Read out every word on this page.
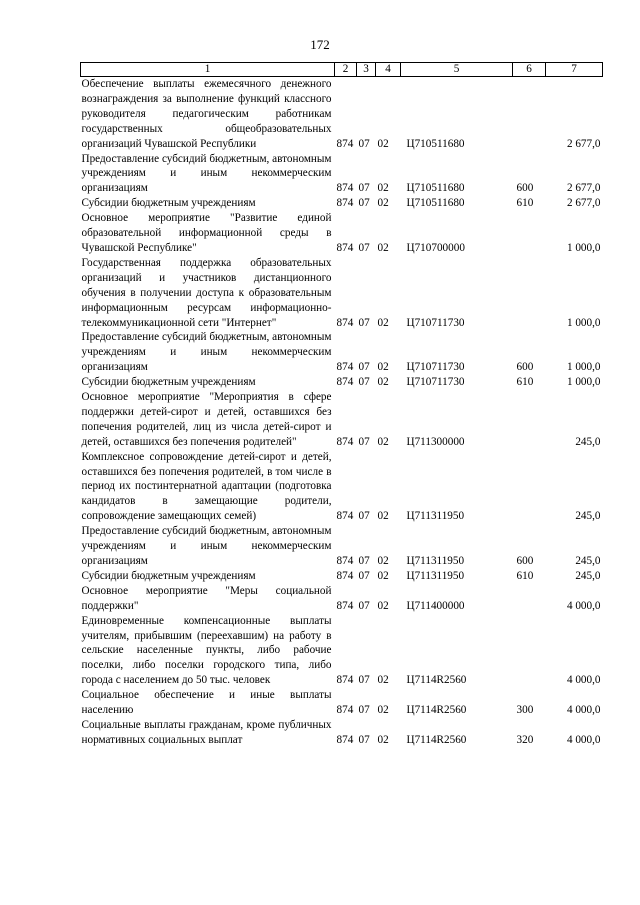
172
1	2	3	4	5	6	7
Обеспечение выплаты ежемесячного денежного вознаграждения за выполнение функций классного руководителя педагогическим работникам государственных общеобразовательных организаций Чувашской Республики	874	07	02	Ц710511680		2 677,0
Предоставление субсидий бюджетным, автономным учреждениям и иным некоммерческим организациям	874	07	02	Ц710511680	600	2 677,0
Субсидии бюджетным учреждениям	874	07	02	Ц710511680	610	2 677,0
Основное мероприятие "Развитие единой образовательной информационной среды в Чувашской Республике"	874	07	02	Ц710700000		1 000,0
Государственная поддержка образовательных организаций и участников дистанционного обучения в получении доступа к образовательным информационным ресурсам информационно-телекоммуникационной сети "Интернет"	874	07	02	Ц710711730		1 000,0
Предоставление субсидий бюджетным, автономным учреждениям и иным некоммерческим организациям	874	07	02	Ц710711730	600	1 000,0
Субсидии бюджетным учреждениям	874	07	02	Ц710711730	610	1 000,0
Основное мероприятие "Мероприятия в сфере поддержки детей-сирот и детей, оставшихся без попечения родителей, лиц из числа детей-сирот и детей, оставшихся без попечения родителей"	874	07	02	Ц711300000		245,0
Комплексное сопровождение детей-сирот и детей, оставшихся без попечения родителей, в том числе в период их постинтернатной адаптации (подготовка кандидатов в замещающие родители, сопровождение замещающих семей)	874	07	02	Ц711311950		245,0
Предоставление субсидий бюджетным, автономным учреждениям и иным некоммерческим организациям	874	07	02	Ц711311950	600	245,0
Субсидии бюджетным учреждениям	874	07	02	Ц711311950	610	245,0
Основное мероприятие "Меры социальной поддержки"	874	07	02	Ц711400000		4 000,0
Единовременные компенсационные выплаты учителям, прибывшим (переехавшим) на работу в сельские населенные пункты, либо рабочие поселки, либо поселки городского типа, либо города с населением до 50 тыс. человек	874	07	02	Ц7114R2560		4 000,0
Социальное обеспечение и иные выплаты населению	874	07	02	Ц7114R2560	300	4 000,0
Социальные выплаты гражданам, кроме публичных нормативных социальных выплат	874	07	02	Ц7114R2560	320	4 000,0
